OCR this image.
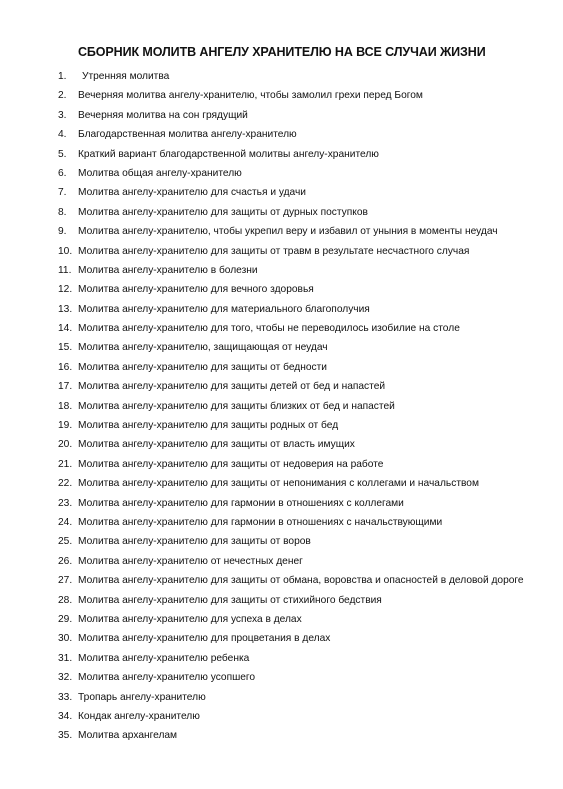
СБОРНИК МОЛИТВ АНГЕЛУ ХРАНИТЕЛЮ НА ВСЕ СЛУЧАИ ЖИЗНИ
1.	Утренняя молитва
2.	Вечерняя молитва ангелу-хранителю, чтобы замолил грехи перед Богом
3.	Вечерняя молитва на сон грядущий
4.	Благодарственная молитва ангелу-хранителю
5.	Краткий вариант благодарственной молитвы ангелу-хранителю
6.	Молитва общая ангелу-хранителю
7.	Молитва ангелу-хранителю для счастья и удачи
8.	Молитва ангелу-хранителю для защиты от дурных поступков
9.	Молитва ангелу-хранителю, чтобы укрепил веру и избавил от уныния в моменты неудач
10. Молитва ангелу-хранителю для защиты от травм в результате несчастного случая
11. Молитва ангелу-хранителю в болезни
12. Молитва ангелу-хранителю для вечного здоровья
13. Молитва ангелу-хранителю для материального благополучия
14. Молитва ангелу-хранителю для того, чтобы не переводилось изобилие на столе
15. Молитва ангелу-хранителю, защищающая от неудач
16. Молитва ангелу-хранителю для защиты от бедности
17. Молитва ангелу-хранителю для защиты детей от бед и напастей
18. Молитва ангелу-хранителю для защиты близких от бед и напастей
19. Молитва ангелу-хранителю для защиты родных от бед
20. Молитва ангелу-хранителю для защиты от власть имущих
21. Молитва ангелу-хранителю для защиты от недоверия на работе
22. Молитва ангелу-хранителю для защиты от непонимания с коллегами и начальством
23. Молитва ангелу-хранителю для гармонии в отношениях с коллегами
24. Молитва ангелу-хранителю для гармонии в отношениях с начальствующими
25. Молитва ангелу-хранителю для защиты от воров
26. Молитва ангелу-хранителю от нечестных денег
27. Молитва ангелу-хранителю для защиты от обмана, воровства и опасностей в деловой дороге
28. Молитва ангелу-хранителю для защиты от стихийного бедствия
29. Молитва ангелу-хранителю для успеха в делах
30. Молитва ангелу-хранителю для процветания в делах
31. Молитва ангелу-хранителю ребенка
32. Молитва ангелу-хранителю усопшего
33. Тропарь ангелу-хранителю
34. Кондак ангелу-хранителю
35. Молитва архангелам
